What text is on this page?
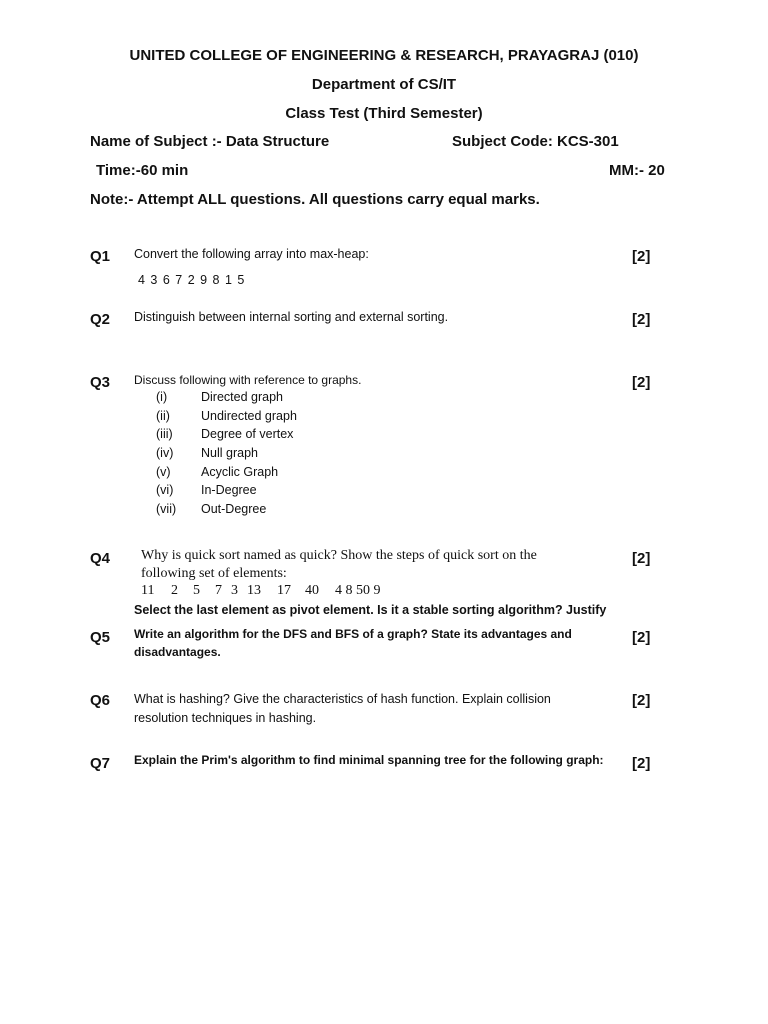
UNITED COLLEGE OF ENGINEERING & RESEARCH, PRAYAGRAJ (010)
Department of CS/IT
Class Test (Third Semester)
Name of Subject :- Data Structure	Subject Code: KCS-301
Time:-60 min	MM:- 20
Note:- Attempt ALL questions. All questions carry equal marks.
Q1 Convert the following array into max-heap:
4 3 6 7 2 9 8 1 5
[2]
Q2 Distinguish between internal sorting and external sorting.	[2]
Q3 Discuss following with reference to graphs.	[2]
(i)	Directed graph
(ii) Undirected graph
(iii) Degree of vertex
(iv) Null graph
(v) Acyclic Graph
(vi) In-Degree
(vii) Out-Degree
Q4 Why is quick sort named as quick? Show the steps of quick sort on the
following set of elements:
11 2 5 7 3 13 17 40 4 8 50 9
Select the last element as pivot element. Is it a stable sorting algorithm? Justify
[2]
Q5 Write an algorithm for the DFS and BFS of a graph? State its advantages and
disadvantages.
[2]
Q6 What is hashing? Give the characteristics of hash function. Explain collision
resolution techniques in hashing.
[2]
Q7 Explain the Prim's algorithm to find minimal spanning tree for the following graph: [2]
